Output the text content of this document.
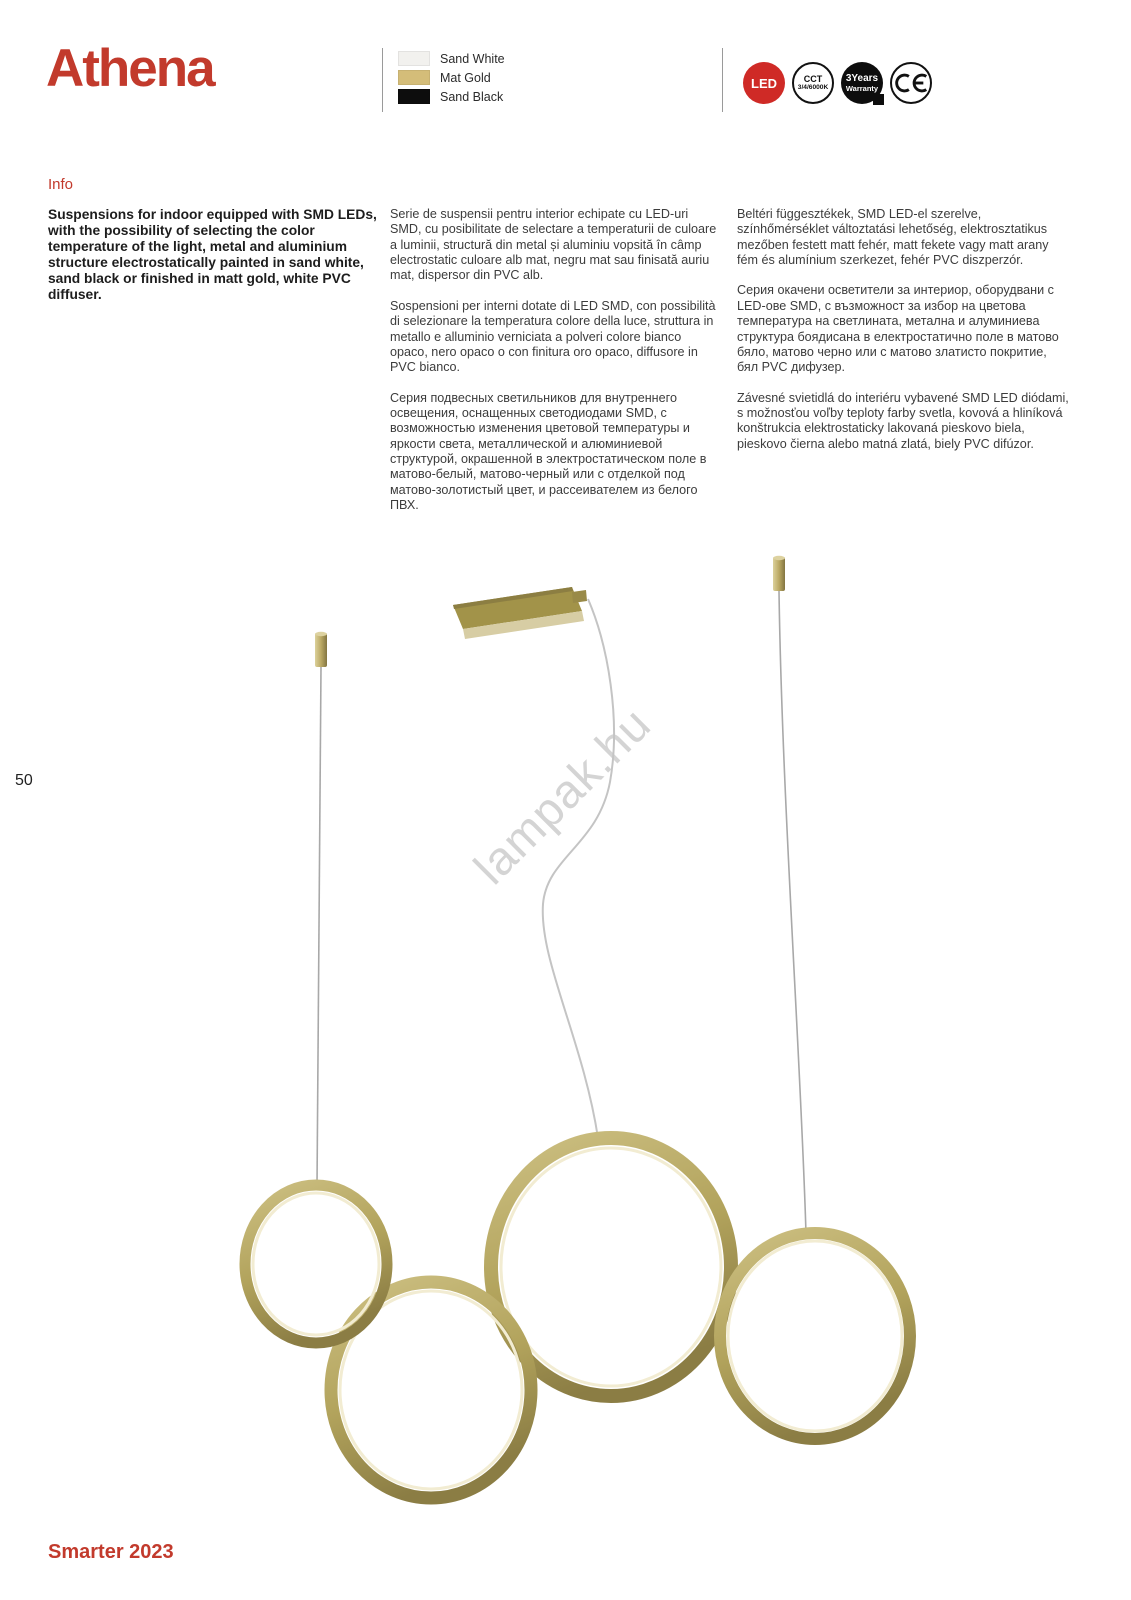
Athena	Sand White
Mat Gold
Sand Black
LED	CCT
3/4/6000K
3Years
Warranty
Info

Suspensions for indoor equipped with SMD LEDs, with the possibility of selecting the color temperature of the light, metal and aluminium structure electrostatically painted in sand white, sand black or finished in matt gold, white PVC diffuser.

Serie de suspensii pentru interior echipate cu LED-uri SMD, cu posibilitate de selectare a temperaturii de culoare a luminii, structură din metal și aluminiu vopsită în câmp electrostatic culoare alb mat, negru mat sau finisată auriu mat, dispersor din PVC alb.

Sospensioni per interni dotate di LED SMD, con possibilità di selezionare la temperatura colore della luce, struttura in metallo e alluminio verniciata a polveri colore bianco opaco, nero opaco o con finitura oro opaco, diffusore in PVC bianco.

Серия подвесных светильников для внутреннего освещения, оснащенных светодиодами SMD, с возможностью изменения цветовой температуры и яркости света, металлической и алюминиевой структурой, окрашенной в электростатическом поле в матово-белый, матово-черный или с отделкой под матово-золотистый цвет, и рассеивателем из белого ПВХ.

Beltéri függesztékek, SMD LED-el szerelve, színhőmérséklet változtatási lehetőség, elektrosztatikus mezőben festett matt fehér, matt fekete vagy matt arany fém és alumínium szerkezet, fehér PVC diszperzór.

Серия окачени осветители за интериор, оборудвани с LED-ове SMD, с възможност за избор на цветова температура на светлината, метална и алуминиева структура боядисана в електростатично поле в матово бяло, матово черно или с матово златисто покритие, бял PVC дифузер.

Závesné svietidlá do interiéru vybavené SMD LED diódami, s možnosťou voľby teploty farby svetla, kovová a hliníková konštrukcia elektrostaticky lakovaná pieskovo biela, pieskovo čierna alebo matná zlatá, biely PVC difúzor.

50	lampak.hu
Smarter 2023
